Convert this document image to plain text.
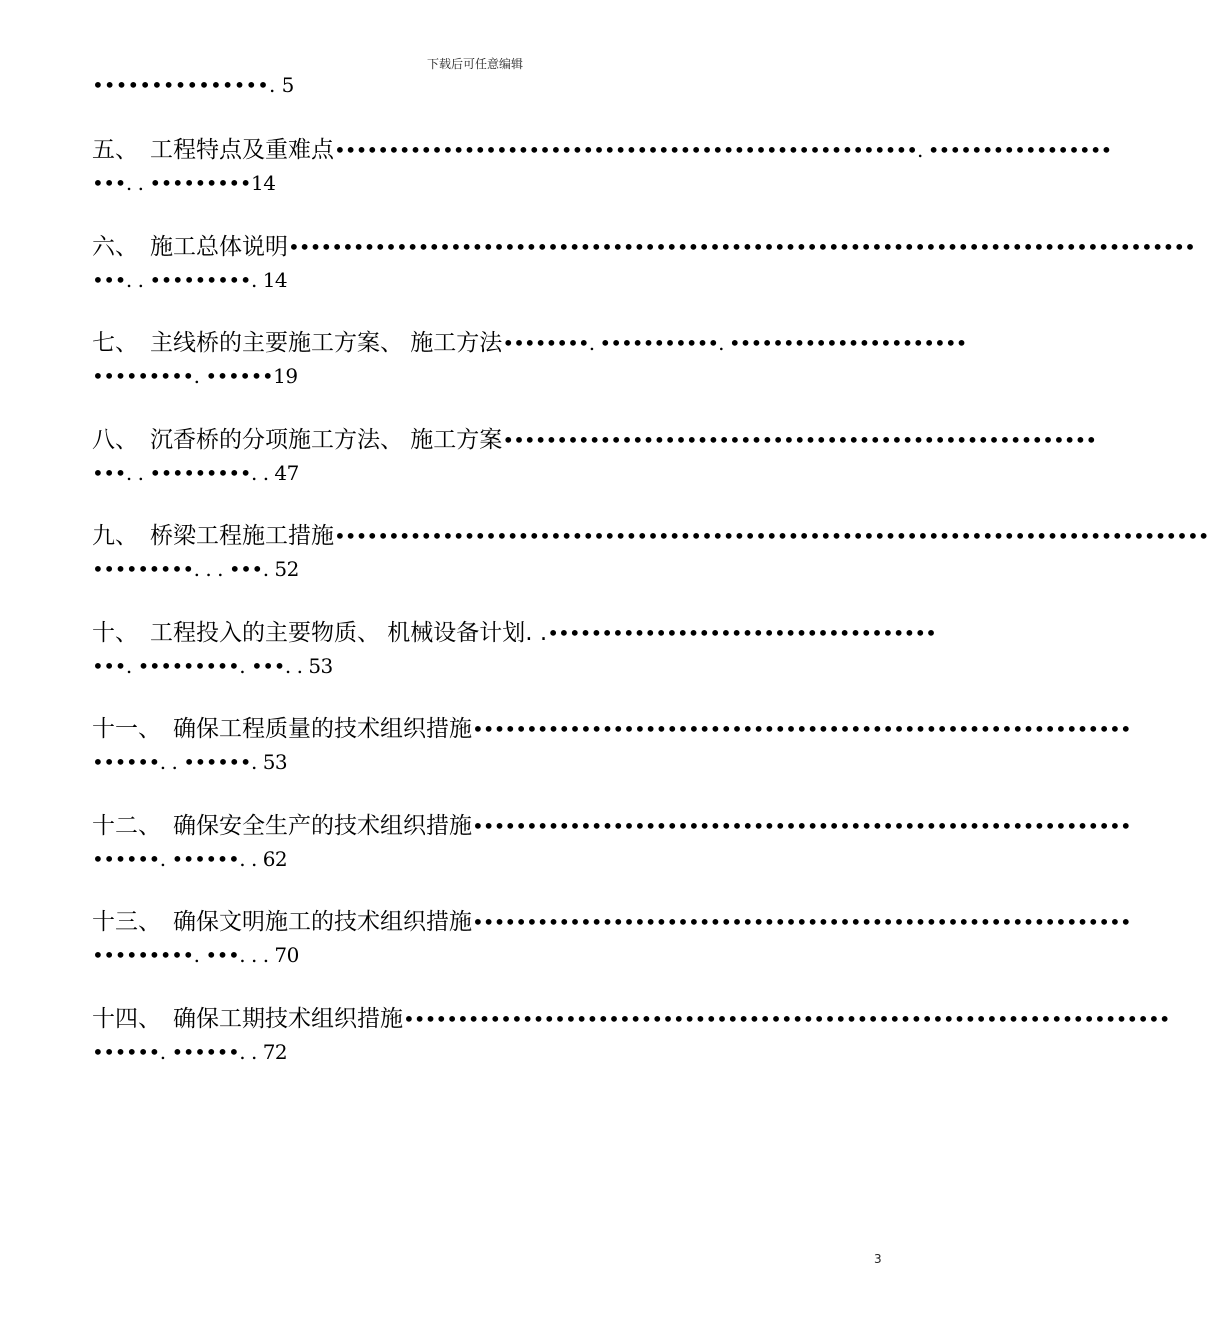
下载后可任意编辑
•••••••••••••••. 5
五、 工程特点及重难点 ••••••••••••••••••••••••••••••••••••••••••••••••••••••. •••••••••••••••••
•••. . •••••••••14
六、 施工总体说明 ••••••••••••••••••••••••••••••••••••••••••••••••••••••••••••••••••••••••••••••••••••
•••. . •••••••••. 14
七、 主线桥的主要施工方案、 施工方法 ••••••••. •••••••••••. ••••••••••••••••••••••
•••••••••. ••••••19
八、 沉香桥的分项施工方法、 施工方案 •••••••••••••••••••••••••••••••••••••••••••••••••••••••
•••. . •••••••••. . 47
九、 桥梁工程施工措施 •••••••••••••••••••••••••••••••••••••••••••••••••••••••••••••••••••••••••••••••••
•••••••••. . . •••. 52
十、 工程投入的主要物质、 机械设备计划. . ••••••••••••••••••••••••••••••••••••
•••. •••••••••. •••. . 53
十一、 确保工程质量的技术组织措施 •••••••••••••••••••••••••••••••••••••••••••••••••••••••••••••
••••••. . ••••••. 53
十二、 确保安全生产的技术组织措施 •••••••••••••••••••••••••••••••••••••••••••••••••••••••••••••
••••••. ••••••. . 62
十三、 确保文明施工的技术组织措施 •••••••••••••••••••••••••••••••••••••••••••••••••••••••••••••
•••••••••. •••. . . 70
十四、 确保工期技术组织措施 •••••••••••••••••••••••••••••••••••••••••••••••••••••••••••••••••••••••
••••••. ••••••. . 72
3
